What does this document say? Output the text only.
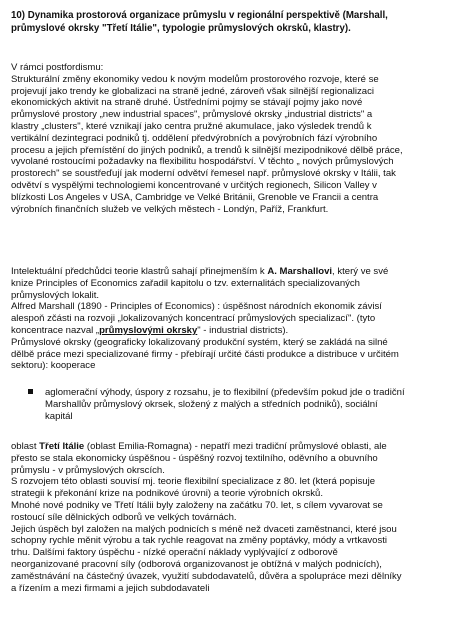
10) Dynamika prostorová organizace průmyslu v regionální perspektivě (Marshall,
průmyslové okrsky "Třetí Itálie", typologie průmyslových okrsků, klastry).
V rámci postfordismu:
Strukturální změny ekonomiky vedou k novým modelům prostorového rozvoje, které se
projevují jako trendy ke globalizaci na straně jedné, zároveň však silnější regionalizaci
ekonomických aktivit na straně druhé. Ústředními pojmy se stávají pojmy jako nové
průmyslové prostory „new industrial spaces", průmyslové okrsky „industrial districts" a
klastry „clusters", které vznikají jako centra pružné akumulace, jako výsledek trendů k
vertikální dezintegraci podniků tj. oddělení předvýrobních a povýrobních fází výrobního
procesu a jejich přemístění do jiných podniků, a trendů k silnější mezipodnikové dělbě práce,
vyvolané rostoucími požadavky na flexibilitu hospodářství. V těchto „ nových průmyslových
prostorech" se soustřeďují jak moderní odvětví řemesel např. průmyslové okrsky v Itálii, tak
odvětví s vyspělými technologiemi koncentrované v určitých regionech, Silicon Valley v
blízkosti Los Angeles v USA, Cambridge ve Velké Británii, Grenoble ve Francii a centra
výrobních finančních služeb ve velkých městech - Londýn, Paříž, Frankfurt.
Intelektuální předchůdci teorie klastrů sahají přinejmenším k A. Marshallovi, který ve své
knize Principles of Economics zařadil kapitolu o tzv. externalitách specializovaných
průmyslových lokalit.
Alfred Marshall (1890 - Principles of Economics) : úspěšnost národních ekonomik závisí
alespoň zčásti na rozvoji „lokalizovaných koncentrací průmyslových specializací". (tyto
koncentrace nazval „průmyslovými okrsky" - industrial districts).
Průmyslové okrsky (geograficky lokalizovaný produkční systém, který se zakládá na silné
dělbě práce mezi specializované firmy - přebírají určité části produkce a distribuce v určitém
sektoru): kooperace
aglomerační výhody, úspory z rozsahu, je to flexibilní (především pokud jde o tradiční
Marshallův průmyslový okrsek, složený z malých a středních podniků), sociální
kapitál
oblast Třetí Itálie (oblast Emilia-Romagna) - nepatří mezi tradiční průmyslové oblasti, ale
přesto se stala ekonomicky úspěšnou - úspěšný rozvoj textilního, oděvního a obuvního
průmyslu - v průmyslových okrscích.
S rozvojem této oblasti souvisí mj. teorie flexibilní specializace z 80. let (která popisuje
strategii k překonání krize na podnikové úrovni) a teorie výrobních okrsků.
Mnohé nové podniky ve Třetí Itálii byly založeny na začátku 70. let, s cílem vyvarovat se
rostoucí síle dělnických odborů ve velkých továrnách.
Jejich úspěch byl založen na malých podnicích s méně než dvaceti zaměstnanci, které jsou
schopny rychle měnit výrobu a tak rychle reagovat na změny poptávky, módy a vrtkavosti
trhu. Dalšími faktory úspěchu - nízké operační náklady vyplývající z odborově
neorganizované pracovní síly (odborová organizovanost je obtížná v malých podnicích),
zaměstnávání na částečný úvazek, využití subdodavatelů, důvěra a spolupráce mezi dělníky
a řízením a mezi firmami a jejich subdodavateli
